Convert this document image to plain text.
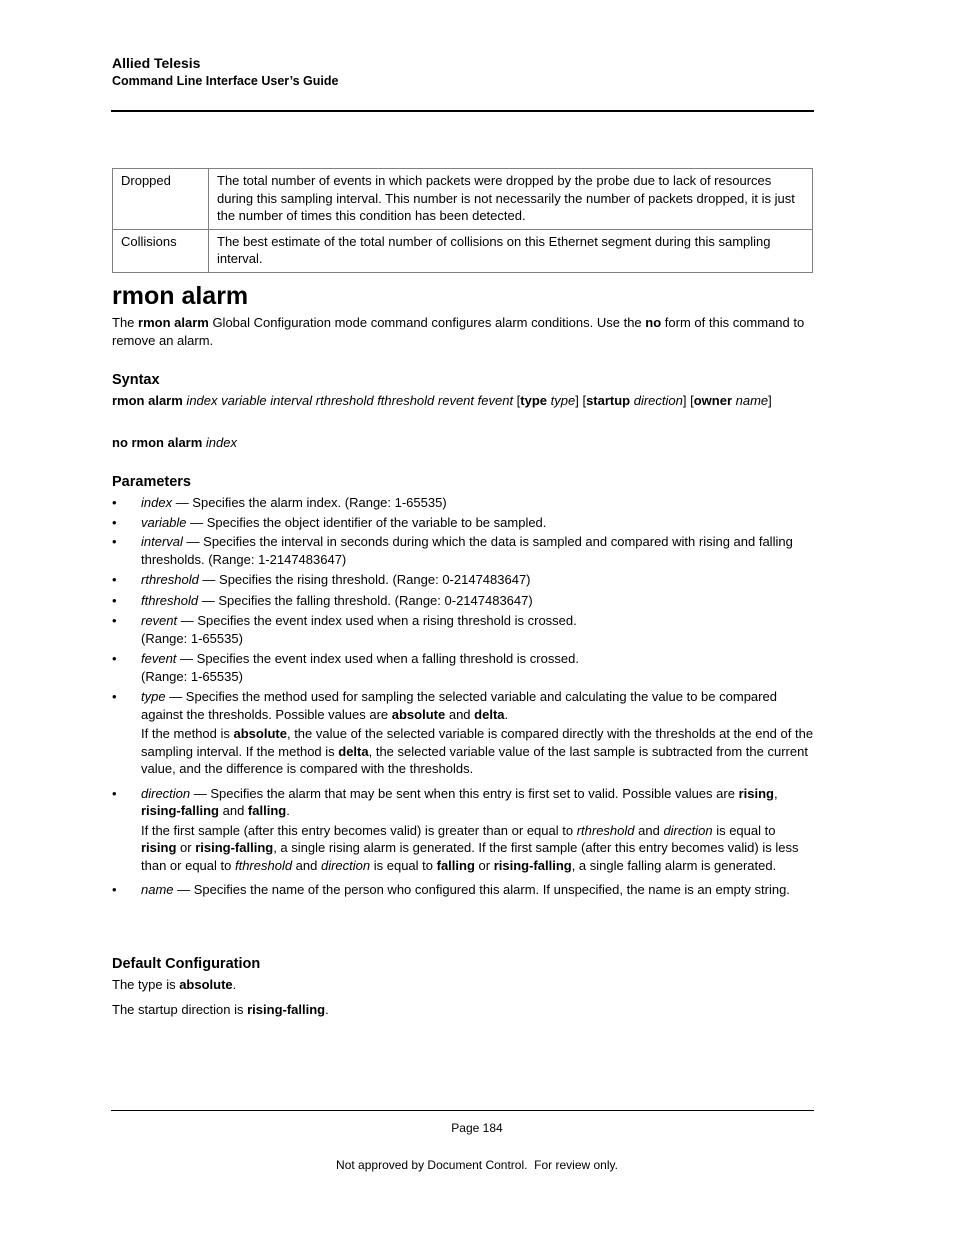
Allied Telesis
Command Line Interface User’s Guide
Dropped	The total number of events in which packets were dropped by the probe due to lack of resources during this sampling interval. This number is not necessarily the number of packets dropped, it is just the number of times this condition has been detected.
Collisions	The best estimate of the total number of collisions on this Ethernet segment during this sampling interval.
rmon alarm
The rmon alarm Global Configuration mode command configures alarm conditions. Use the no form of this command to remove an alarm.
Syntax
rmon alarm index variable interval rthreshold fthreshold revent fevent [type type] [startup direction] [owner name]
no rmon alarm index
Parameters
• index — Specifies the alarm index. (Range: 1-65535)
• variable — Specifies the object identifier of the variable to be sampled.
• interval — Specifies the interval in seconds during which the data is sampled and compared with rising and falling thresholds. (Range: 1-2147483647)
• rthreshold — Specifies the rising threshold. (Range: 0-2147483647)
• fthreshold — Specifies the falling threshold. (Range: 0-2147483647)
• revent — Specifies the event index used when a rising threshold is crossed.
(Range: 1-65535)
• fevent — Specifies the event index used when a falling threshold is crossed.
(Range: 1-65535)
• type — Specifies the method used for sampling the selected variable and calculating the value to be compared against the thresholds. Possible values are absolute and delta.
If the method is absolute, the value of the selected variable is compared directly with the thresholds at the end of the sampling interval. If the method is delta, the selected variable value of the last sample is subtracted from the current value, and the difference is compared with the thresholds.
• direction — Specifies the alarm that may be sent when this entry is first set to valid. Possible values are rising, rising-falling and falling.
If the first sample (after this entry becomes valid) is greater than or equal to rthreshold and direction is equal to rising or rising-falling, a single rising alarm is generated. If the first sample (after this entry becomes valid) is less than or equal to fthreshold and direction is equal to falling or rising-falling, a single falling alarm is generated.
• name — Specifies the name of the person who configured this alarm. If unspecified, the name is an empty string.
Default Configuration
The type is absolute.
The startup direction is rising-falling.
Page 184
Not approved by Document Control.  For review only.
